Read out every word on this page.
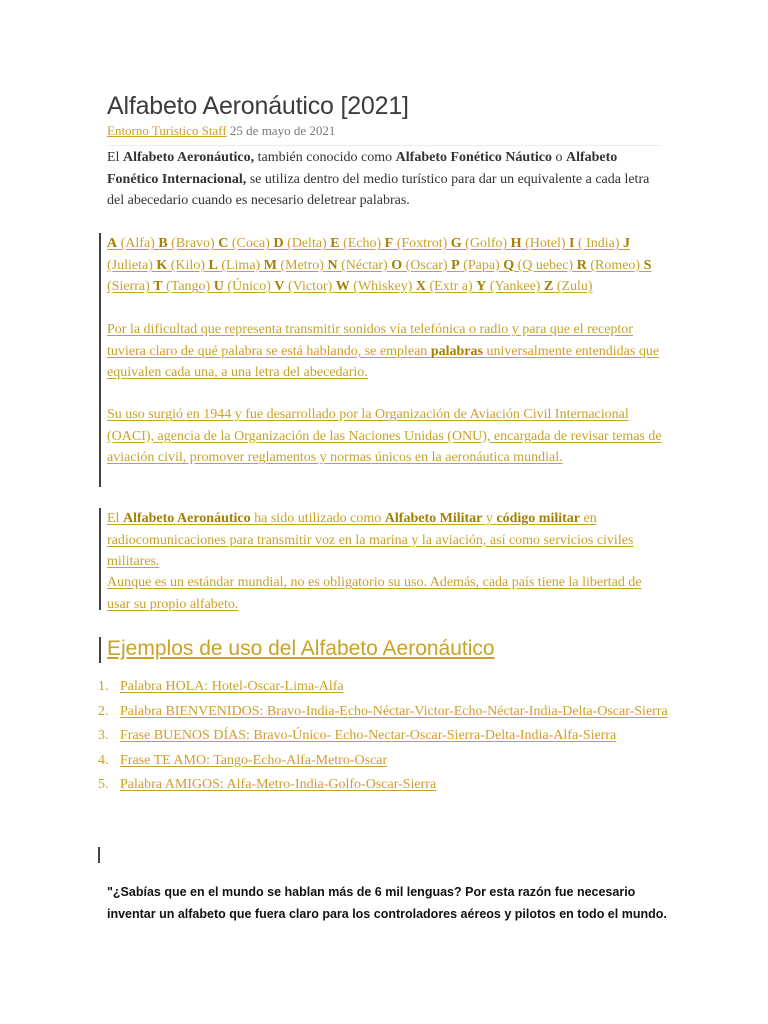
Alfabeto Aeronáutico [2021]
Entorno Turistico Staff 25 de mayo de 2021

El Alfabeto Aeronáutico, también conocido como Alfabeto Fonético Náutico o Alfabeto Fonético Internacional, se utiliza dentro del medio turístico para dar un equivalente a cada letra del abecedario cuando es necesario deletrear palabras.

A (Alfa) B (Bravo) C (Coca) D (Delta) E (Echo) F (Foxtrot) G (Golfo) H (Hotel) I ( India) J (Julieta) K (Kilo) L (Lima) M (Metro) N (Néctar) O (Oscar) P (Papa) Q (Q uebec) R (Romeo) S (Sierra) T (Tango) U (Único) V (Victor) W (Whiskey) X (Extr a) Y (Yankee) Z (Zulu)

Por la dificultad que representa transmitir sonidos vía telefónica o radio y para que el receptor tuviera claro de qué palabra se está hablando, se emplean palabras universalmente entendidas que equivalen cada una, a una letra del abecedario.

Su uso surgió en 1944 y fue desarrollado por la Organización de Aviación Civil Internacional (OACI), agencia de la Organización de las Naciones Unidas (ONU), encargada de revisar temas de aviación civil, promover reglamentos y normas únicos en la aeronáutica mundial.

El Alfabeto Aeronáutico ha sido utilizado como Alfabeto Militar y código militar en radiocomunicaciones para transmitir voz en la marina y la aviación, así como servicios civiles militares.

Aunque es un estándar mundial, no es obligatorio su uso. Además, cada país tiene la libertad de usar su propio alfabeto.

Ejemplos de uso del Alfabeto Aeronáutico
1. Palabra HOLA: Hotel-Oscar-Lima-Alfa
2. Palabra BIENVENIDOS: Bravo-India-Echo-Néctar-Victor-Echo-Néctar-India-Delta-Oscar-Sierra
3. Frase BUENOS DÍAS: Bravo-Único- Echo-Nectar-Oscar-Sierra-Delta-India-Alfa-Sierra
4. Frase TE AMO: Tango-Echo-Alfa-Metro-Oscar
5. Palabra AMIGOS: Alfa-Metro-India-Golfo-Oscar-Sierra

"¿Sabías que en el mundo se hablan más de 6 mil lenguas? Por esta razón fue necesario inventar un alfabeto que fuera claro para los controladores aéreos y pilotos en todo el mundo.
